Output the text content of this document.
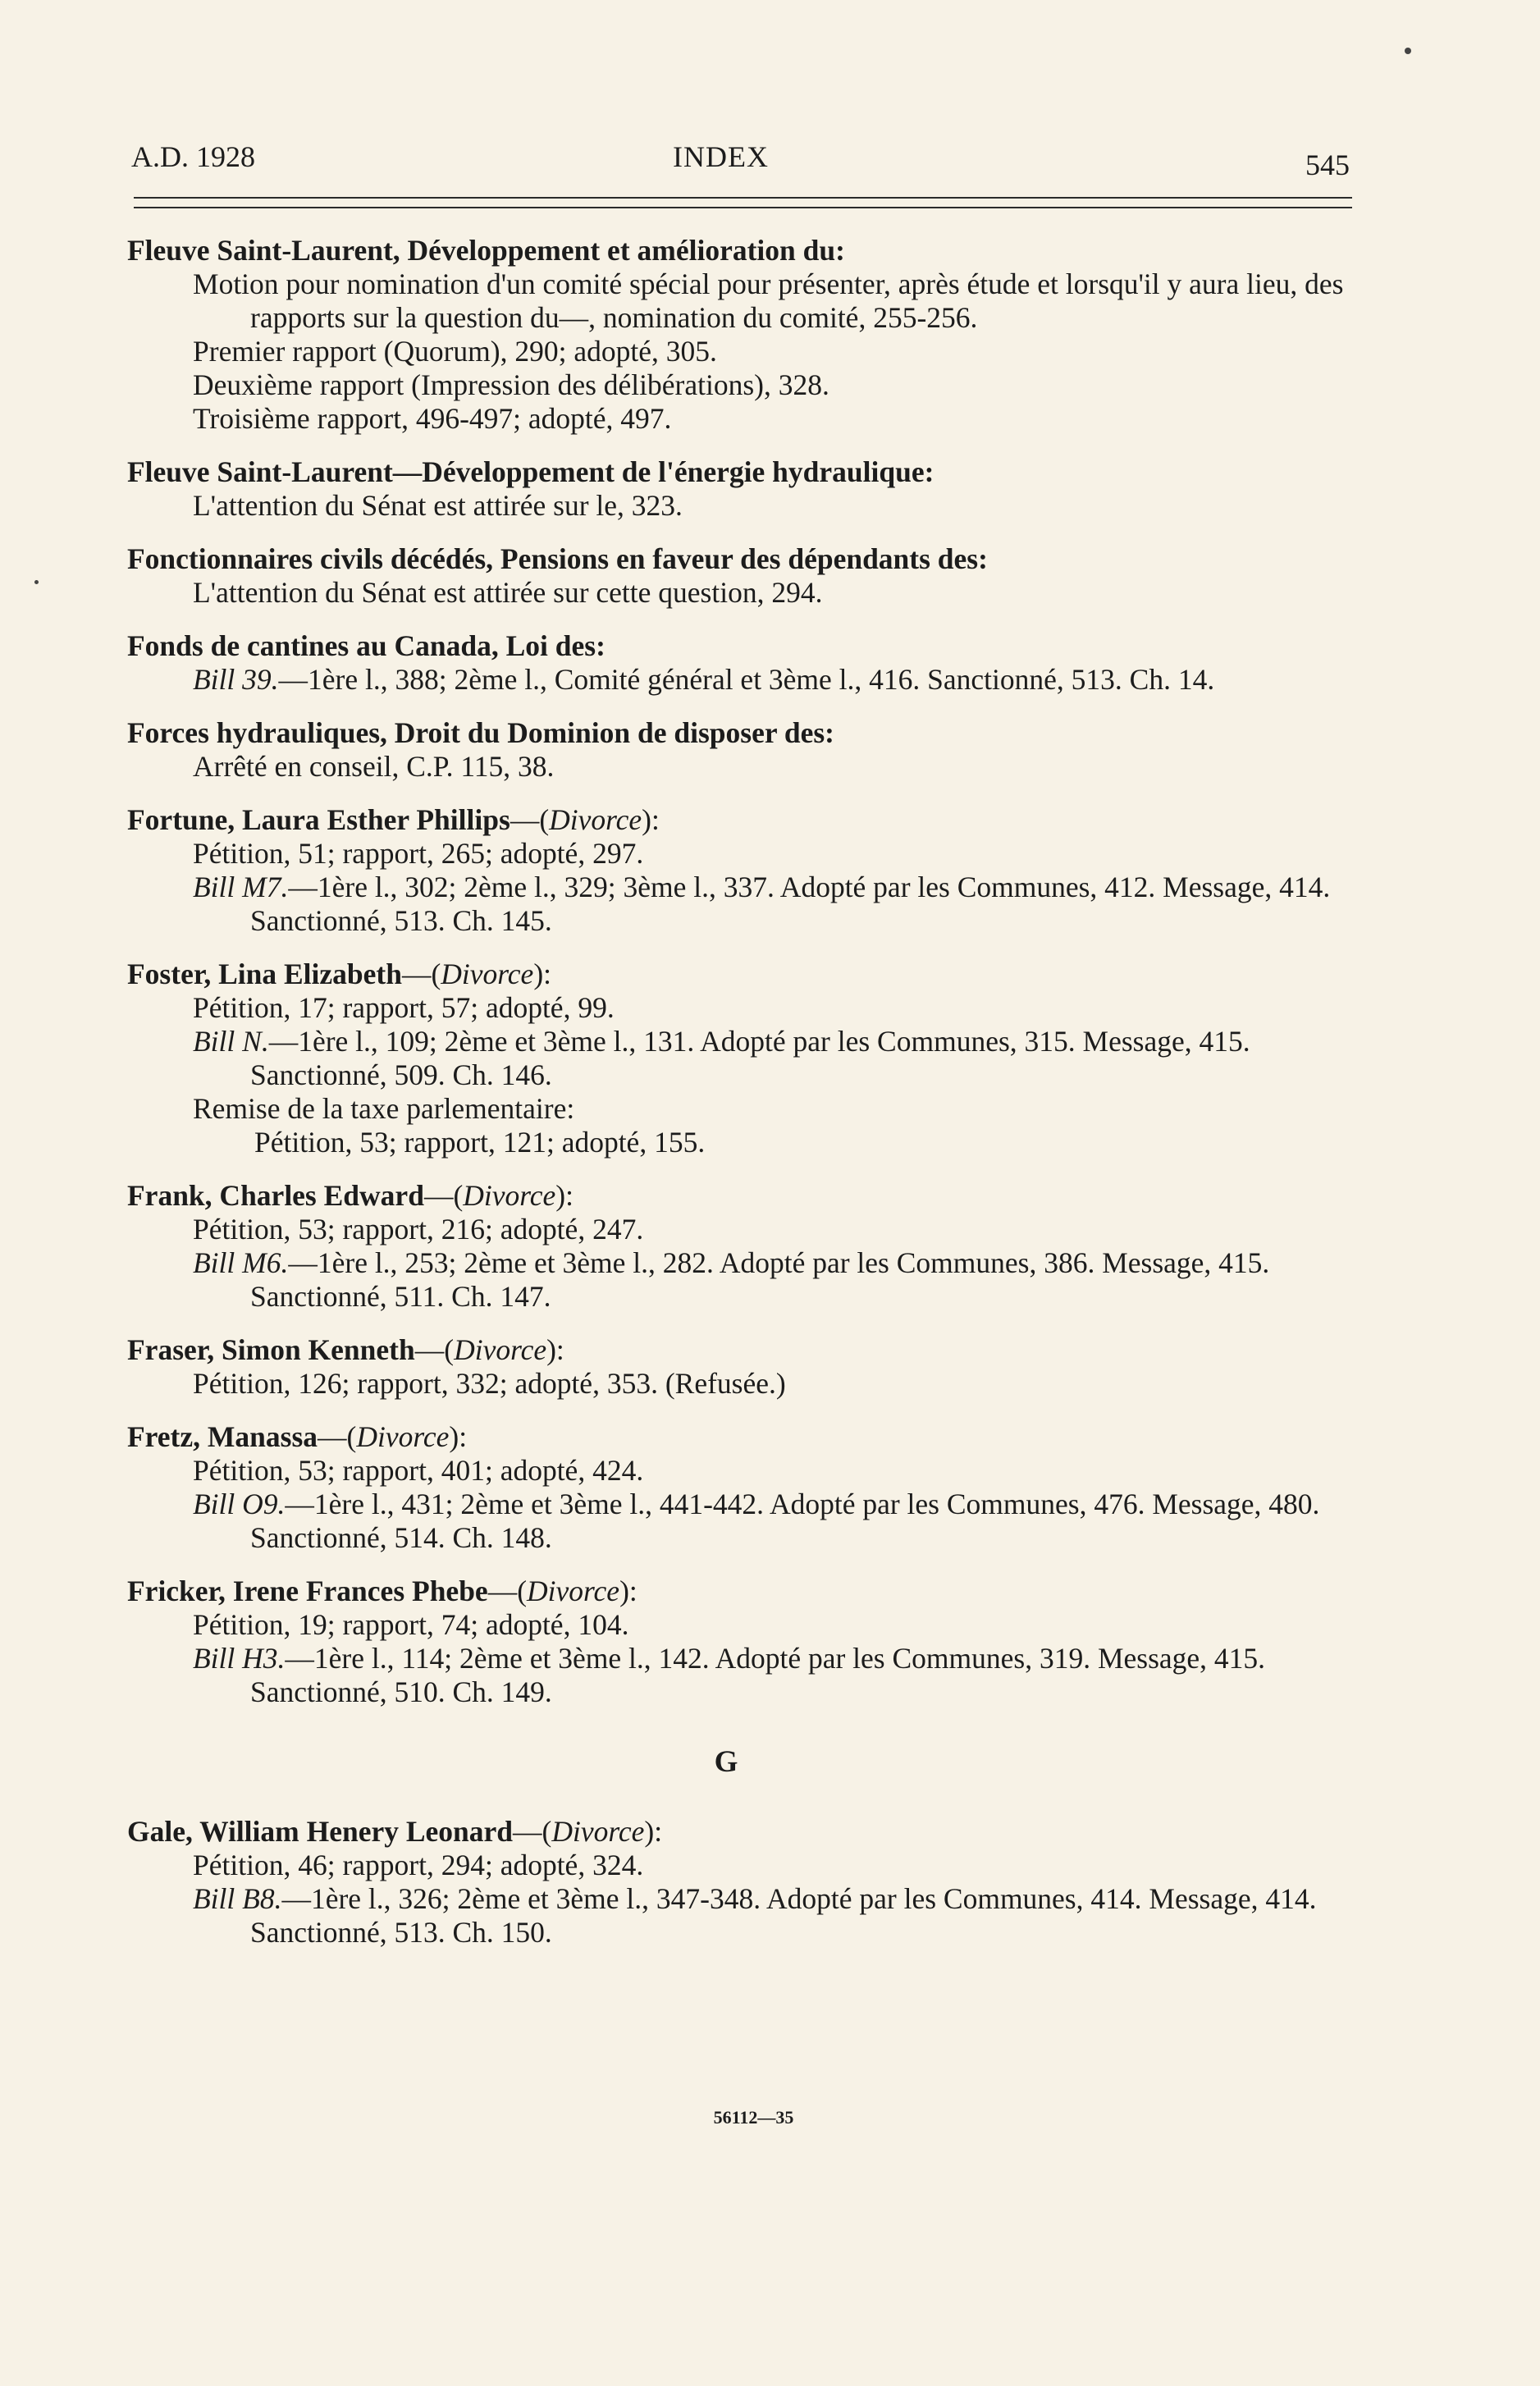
A.D. 1928	INDEX	545
Fleuve Saint-Laurent, Développement et amélioration du:
Motion pour nomination d'un comité spécial pour présenter, après étude et lorsqu'il y aura lieu, des rapports sur la question du—, nomination du comité, 255-256.
Premier rapport (Quorum), 290; adopté, 305.
Deuxième rapport (Impression des délibérations), 328.
Troisième rapport, 496-497; adopté, 497.
Fleuve Saint-Laurent—Développement de l'énergie hydraulique:
L'attention du Sénat est attirée sur le, 323.
Fonctionnaires civils décédés, Pensions en faveur des dépendants des:
L'attention du Sénat est attirée sur cette question, 294.
Fonds de cantines au Canada, Loi des:
Bill 39.—1ère l., 388; 2ème l., Comité général et 3ème l., 416. Sanctionné, 513. Ch. 14.
Forces hydrauliques, Droit du Dominion de disposer des:
Arrêté en conseil, C.P. 115, 38.
Fortune, Laura Esther Phillips—(Divorce):
Pétition, 51; rapport, 265; adopté, 297.
Bill M7.—1ère l., 302; 2ème l., 329; 3ème l., 337. Adopté par les Communes, 412. Message, 414. Sanctionné, 513. Ch. 145.
Foster, Lina Elizabeth—(Divorce):
Pétition, 17; rapport, 57; adopté, 99.
Bill N.—1ère l., 109; 2ème et 3ème l., 131. Adopté par les Communes, 315. Message, 415. Sanctionné, 509. Ch. 146.
Remise de la taxe parlementaire:
Pétition, 53; rapport, 121; adopté, 155.
Frank, Charles Edward—(Divorce):
Pétition, 53; rapport, 216; adopté, 247.
Bill M6.—1ère l., 253; 2ème et 3ème l., 282. Adopté par les Communes, 386. Message, 415. Sanctionné, 511. Ch. 147.
Fraser, Simon Kenneth—(Divorce):
Pétition, 126; rapport, 332; adopté, 353. (Refusée.)
Fretz, Manassa—(Divorce):
Pétition, 53; rapport, 401; adopté, 424.
Bill O9.—1ère l., 431; 2ème et 3ème l., 441-442. Adopté par les Communes, 476. Message, 480. Sanctionné, 514. Ch. 148.
Fricker, Irene Frances Phebe—(Divorce):
Pétition, 19; rapport, 74; adopté, 104.
Bill H3.—1ère l., 114; 2ème et 3ème l., 142. Adopté par les Communes, 319. Message, 415. Sanctionné, 510. Ch. 149.
G
Gale, William Henery Leonard—(Divorce):
Pétition, 46; rapport, 294; adopté, 324.
Bill B8.—1ère l., 326; 2ème et 3ème l., 347-348. Adopté par les Communes, 414. Message, 414. Sanctionné, 513. Ch. 150.
56112—35
